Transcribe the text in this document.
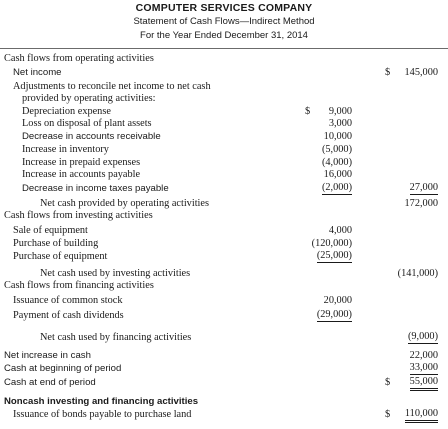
COMPUTER SERVICES COMPANY
Statement of Cash Flows—Indirect Method
For the Year Ended December 31, 2014
Cash flows from operating activities
Net income	$ 145,000
Adjustments to reconcile net income to net cash
provided by operating activities:
Depreciation expense	$ 9,000
Loss on disposal of plant assets	3,000
Decrease in accounts receivable	10,000
Increase in inventory	(5,000)
Increase in prepaid expenses	(4,000)
Increase in accounts payable	16,000
Decrease in income taxes payable	(2,000)	27,000
Net cash provided by operating activities	172,000
Cash flows from investing activities
Sale of equipment	4,000
Purchase of building	(120,000)
Purchase of equipment	(25,000)
Net cash used by investing activities	(141,000)
Cash flows from financing activities
Issuance of common stock	20,000
Payment of cash dividends	(29,000)
Net cash used by financing activities	(9,000)
Net increase in cash	22,000
Cash at beginning of period	33,000
Cash at end of period	$ 55,000
Noncash investing and financing activities
Issuance of bonds payable to purchase land	$ 110,000
